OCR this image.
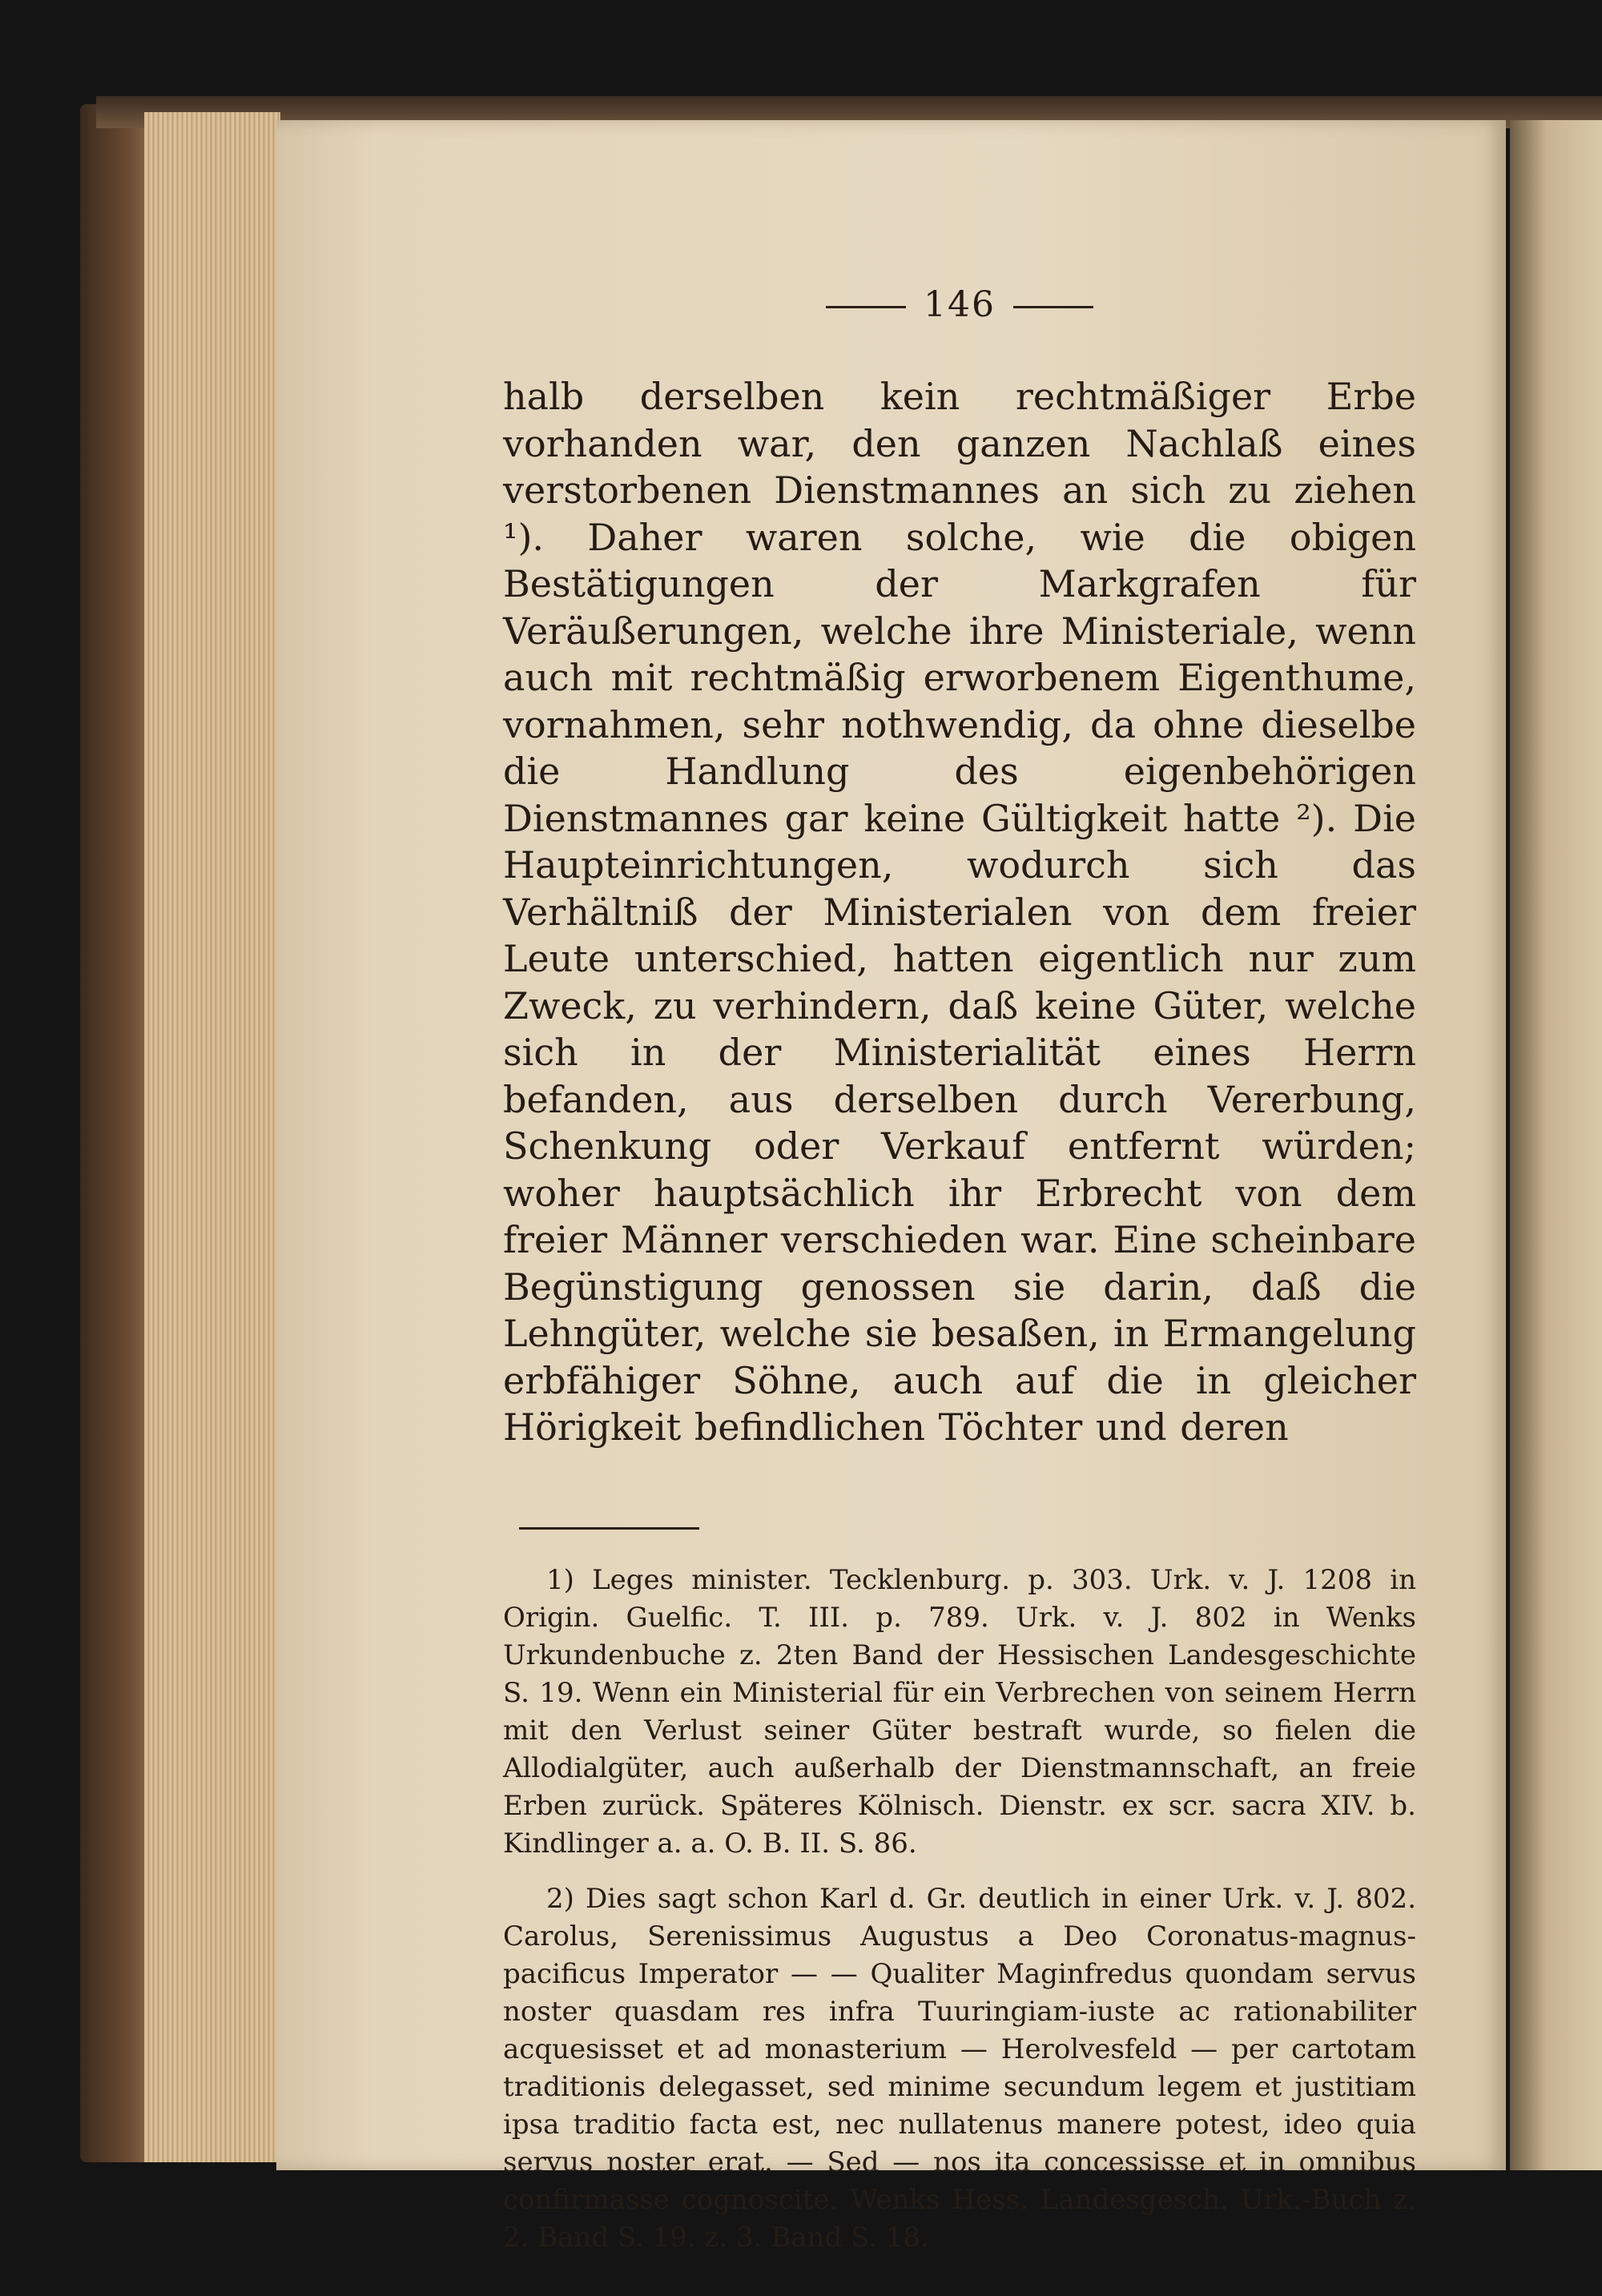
146
halb derselben kein rechtmäßiger Erbe vorhanden war, den ganzen Nachlaß eines verstorbenen Dienstmannes an sich zu ziehen ¹). Daher waren solche, wie die obigen Bestätigungen der Markgrafen für Veräußerungen, welche ihre Ministeriale, wenn auch mit rechtmäßig erworbenem Eigenthume, vornahmen, sehr nothwendig, da ohne dieselbe die Handlung des eigenbehörigen Dienstmannes gar keine Gültigkeit hatte ²). Die Haupteinrichtungen, wodurch sich das Verhältniß der Ministerialen von dem freier Leute unterschied, hatten eigentlich nur zum Zweck, zu verhindern, daß keine Güter, welche sich in der Ministerialität eines Herrn befanden, aus derselben durch Vererbung, Schenkung oder Verkauf entfernt würden; woher hauptsächlich ihr Erbrecht von dem freier Männer verschieden war. Eine scheinbare Begünstigung genossen sie darin, daß die Lehngüter, welche sie besaßen, in Ermangelung erbfähiger Söhne, auch auf die in gleicher Hörigkeit befindlichen Töchter und deren
1) Leges minister. Tecklenburg. p. 303. Urk. v. J. 1208 in Origin. Guelfic. T. III. p. 789. Urk. v. J. 802 in Wenks Urkundenbuche z. 2ten Band der Hessischen Landesgeschichte S. 19. Wenn ein Ministerial für ein Verbrechen von seinem Herrn mit den Verlust seiner Güter bestraft wurde, so fielen die Allodialgüter, auch außerhalb der Dienstmannschaft, an freie Erben zurück. Späteres Kölnisch. Dienstr. ex scr. sacra XIV. b. Kindlinger a. a. O. B. II. S. 86.
2) Dies sagt schon Karl d. Gr. deutlich in einer Urk. v. J. 802. Carolus, Serenissimus Augustus a Deo Coronatus-magnus-pacificus Imperator — — Qualiter Maginfredus quondam servus noster quasdam res infra Tuuringiam-iuste ac rationabiliter acquesisset et ad monasterium — Herolvesfeld — per cartotam traditionis delegasset, sed minime secundum legem et justitiam ipsa traditio facta est, nec nullatenus manere potest, ideo quia servus noster erat. — Sed — nos ita concessisse et in omnibus confirmasse cognoscite. Wenks Hess. Landesgesch. Urk.-Buch z. 2. Band S. 19. z. 3. Band S. 18.
